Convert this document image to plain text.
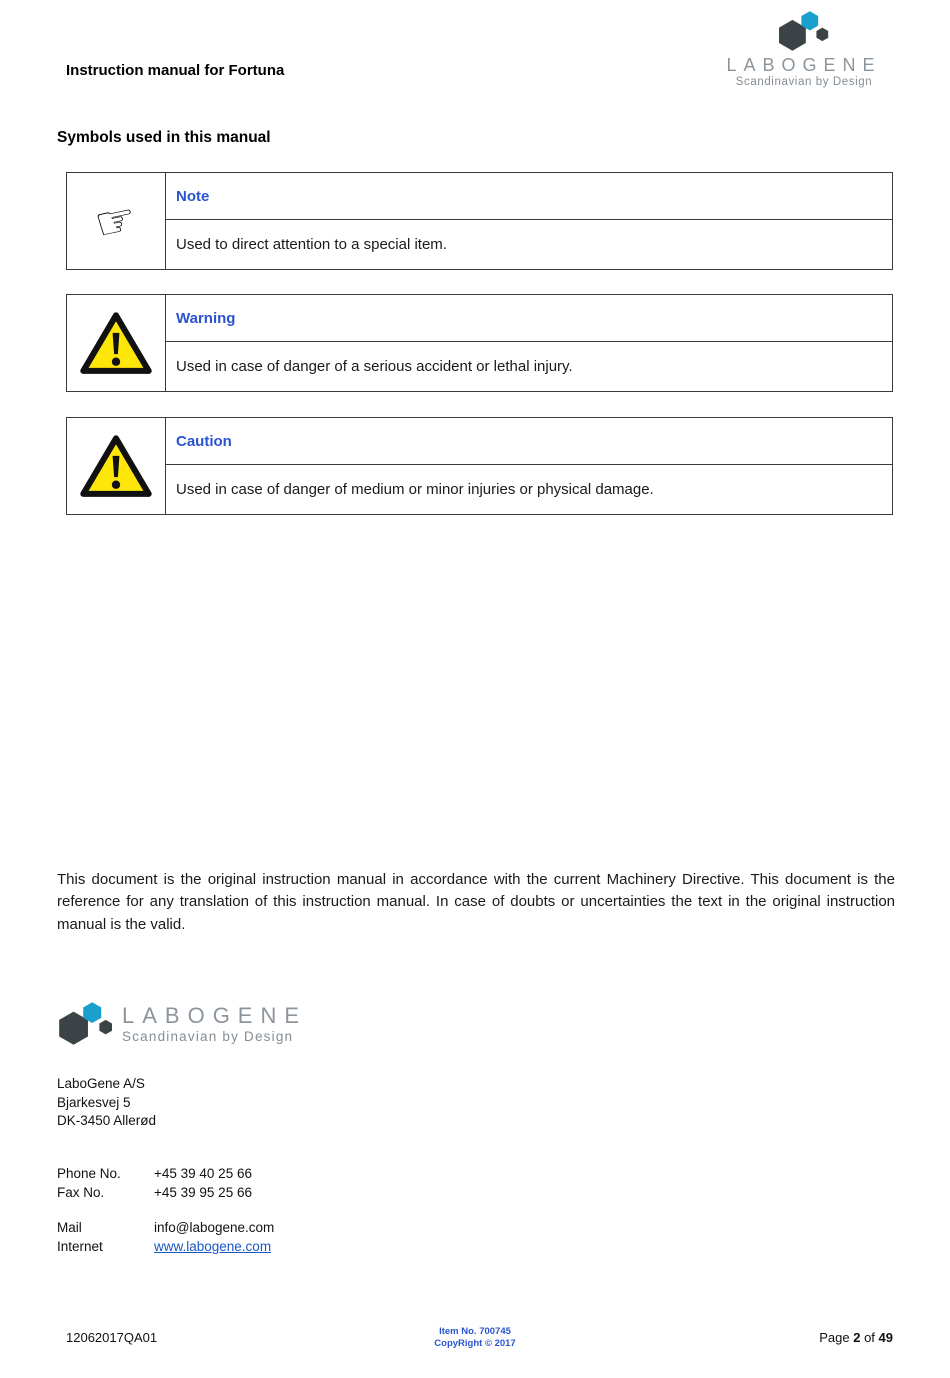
Instruction manual for Fortuna	LABOGENE
Scandinavian by Design
Symbols used in this manual
☞	Note
Used to direct attention to a special item.
Warning
Used in case of danger of a serious accident or lethal injury.
Caution
Used in case of danger of medium or minor injuries or physical damage.

This document is the original instruction manual in accordance with the current Machinery Directive. This document is the reference for any translation of this instruction manual. In case of doubts or uncertainties the text in the original instruction manual is the valid.

LABOGENE
Scandinavian by Design
LaboGene A/S
Bjarkesvej 5
DK-3450 Allerød
Phone No. +45 39 40 25 66
Fax No.	+45 39 95 25 66
Mail	info@labogene.com
Internet	www.labogene.com
12062017QA01	Item No. 700745
CopyRight © 2017	Page 2 of 49
